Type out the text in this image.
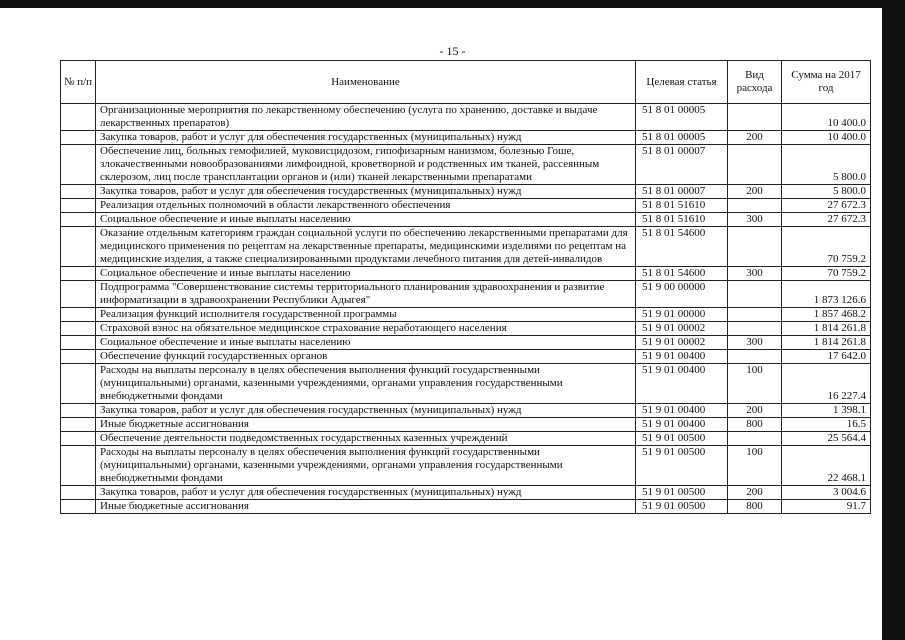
- 15 -
№ п/п	Наименование	Целевая статья	Вид расхода	Сумма на 2017 год
	Организационные мероприятия по лекарственному обеспечению (услуга по хранению, доставке и выдаче лекарственных препаратов)	51 8 01 00005		10 400.0
	Закупка товаров, работ и услуг для обеспечения государственных (муниципальных) нужд	51 8 01 00005	200	10 400.0
	Обеспечение лиц, больных гемофилией, муковисцидозом, гипофизарным нанизмом, болезнью Гоше, злокачественными новообразованиями лимфоидной, кроветворной и родственных им тканей, рассеянным склерозом, лиц после трансплантации органов и (или) тканей лекарственными препаратами	51 8 01 00007		5 800.0
	Закупка товаров, работ и услуг для обеспечения государственных (муниципальных) нужд	51 8 01 00007	200	5 800.0
	Реализация отдельных полномочий в области лекарственного обеспечения	51 8 01 51610		27 672.3
	Социальное обеспечение и иные выплаты населению	51 8 01 51610	300	27 672.3
	Оказание отдельным категориям граждан социальной услуги по обеспечению лекарственными препаратами для медицинского применения по рецептам на лекарственные препараты, медицинскими изделиями по рецептам на медицинские изделия, а также специализированными продуктами лечебного питания для детей-инвалидов	51 8 01 54600		70 759.2
	Социальное обеспечение и иные выплаты населению	51 8 01 54600	300	70 759.2
	Подпрограмма "Совершенствование системы территориального планирования здравоохранения и развитие информатизации в здравоохранении Республики Адыгея"	51 9 00 00000		1 873 126.6
	Реализация функций исполнителя государственной программы	51 9 01 00000		1 857 468.2
	Страховой взнос на обязательное медицинское страхование неработающего населения	51 9 01 00002		1 814 261.8
	Социальное обеспечение и иные выплаты населению	51 9 01 00002	300	1 814 261.8
	Обеспечение функций государственных органов	51 9 01 00400		17 642.0
	Расходы на выплаты персоналу в целях обеспечения выполнения функций государственными (муниципальными) органами, казенными учреждениями, органами управления государственными внебюджетными фондами	51 9 01 00400	100	16 227.4
	Закупка товаров, работ и услуг для обеспечения государственных (муниципальных) нужд	51 9 01 00400	200	1 398.1
	Иные бюджетные ассигнования	51 9 01 00400	800	16.5
	Обеспечение деятельности подведомственных государственных казенных учреждений	51 9 01 00500		25 564.4
	Расходы на выплаты персоналу в целях обеспечения выполнения функций государственными (муниципальными) органами, казенными учреждениями, органами управления государственными внебюджетными фондами	51 9 01 00500	100	22 468.1
	Закупка товаров, работ и услуг для обеспечения государственных (муниципальных) нужд	51 9 01 00500	200	3 004.6
	Иные бюджетные ассигнования	51 9 01 00500	800	91.7
